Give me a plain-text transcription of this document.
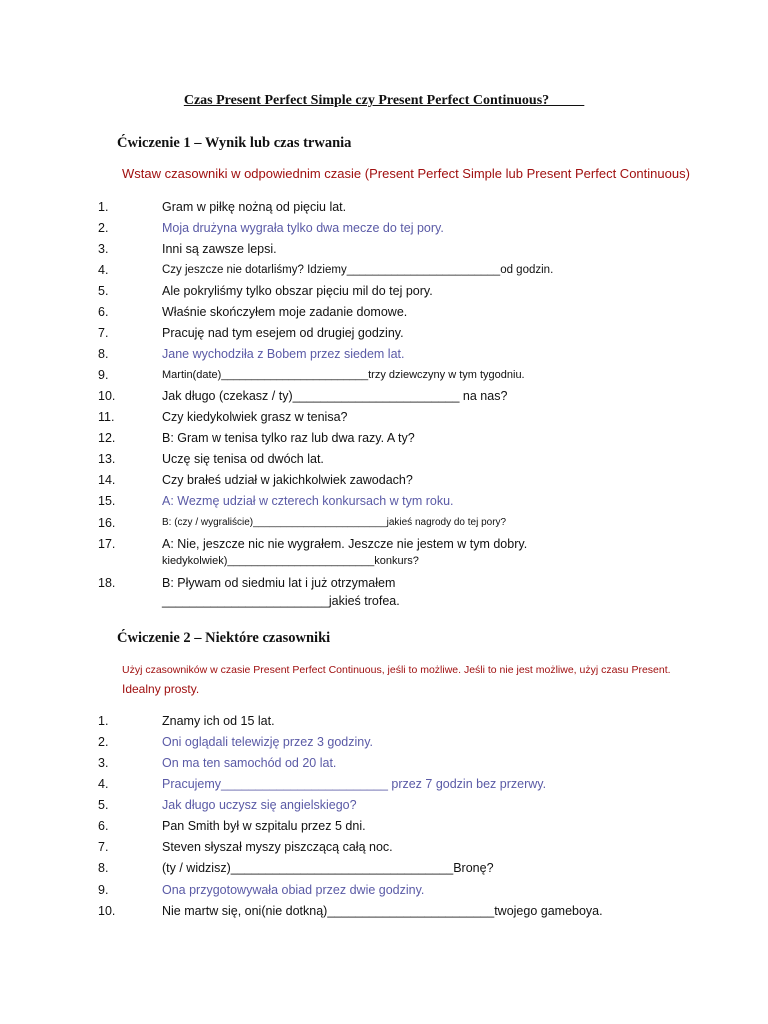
Czas Present Perfect Simple czy Present Perfect Continuous?_____

Ćwiczenie 1 – Wynik lub czas trwania

Wstaw czasowniki w odpowiednim czasie (Present Perfect Simple lub Present Perfect Continuous)

1.	Gram w piłkę nożną od pięciu lat.
2.	Moja drużyna wygrała tylko dwa mecze do tej pory.
3.	Inni są zawsze lepsi.
4.	Czy jeszcze nie dotarliśmy? Idziemy________________________od godzin.
5.	Ale pokryliśmy tylko obszar pięciu mil do tej pory.
6.	Właśnie skończyłem moje zadanie domowe.
7.	Pracuję nad tym esejem od drugiej godziny.
8.	Jane wychodziła z Bobem przez siedem lat.
9.	Martin(date)________________________trzy dziewczyny w tym tygodniu.
10.	Jak długo (czekasz / ty)________________________ na nas?
11.	Czy kiedykolwiek grasz w tenisa?
12.	B: Gram w tenisa tylko raz lub dwa razy. A ty?
13.	Uczę się tenisa od dwóch lat.
14.	Czy brałeś udział w jakichkolwiek zawodach?
15.	A: Wezmę udział w czterech konkursach w tym roku.
16.	B: (czy / wygraliście)________________________jakieś nagrody do tej pory?
17.	A: Nie, jeszcze nic nie wygrałem. Jeszcze nie jestem w tym dobry.
kiedykolwiek)________________________konkurs?
18.	B: Pływam od siedmiu lat i już otrzymałem
________________________jakieś trofea.

Ćwiczenie 2 – Niektóre czasowniki

Użyj czasowników w czasie Present Perfect Continuous, jeśli to możliwe. Jeśli to nie jest możliwe, użyj czasu Present.

Idealny prosty.

1.	Znamy ich od 15 lat.
2.	Oni oglądali telewizję przez 3 godziny.
3.	On ma ten samochód od 20 lat.
4.	Pracujemy________________________ przez 7 godzin bez przerwy.
5.	Jak długo uczysz się angielskiego?
6.	Pan Smith był w szpitalu przez 5 dni.
7.	Steven słyszał myszy piszczącą całą noc.
8.	(ty / widzisz)________________________________Bronę?
9.	Ona przygotowywała obiad przez dwie godziny.
10.	Nie martw się, oni(nie dotkną)________________________twojego gameboya.
